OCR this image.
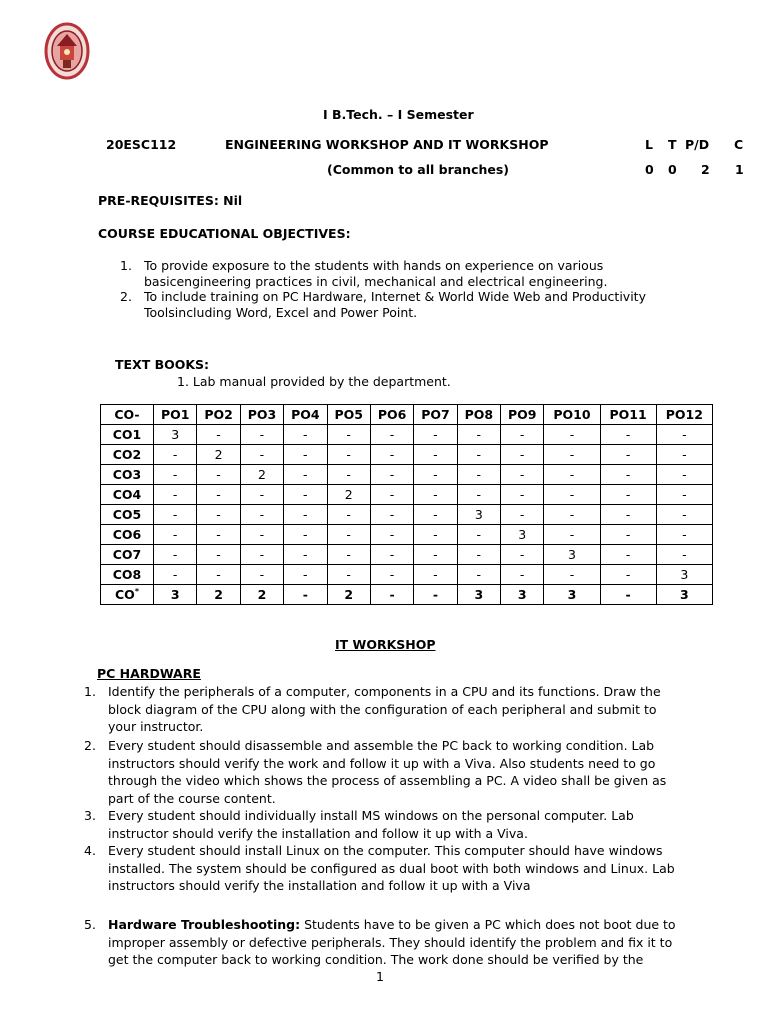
I B.Tech. – I Semester
20ESC112	ENGINEERING WORKSHOP AND IT WORKSHOP
(Common to all branches)
L T P/D C
0 0 2 1
PRE-REQUISITES: Nil
COURSE EDUCATIONAL OBJECTIVES:
1. To provide exposure to the students with hands on experience on various
basicengineering practices in civil, mechanical and electrical engineering.
2. To include training on PC Hardware, Internet & World Wide Web and Productivity
Toolsincluding Word, Excel and Power Point.
TEXT BOOKS:
1. Lab manual provided by the department.
CO-	PO1	PO2	PO3	PO4	PO5	PO6	PO7	PO8	PO9	PO10	PO11	PO12
CO1	3	-	-	-	-	-	-	-	-	-	-	-
CO2	-	2	-	-	-	-	-	-	-	-	-	-
CO3	-	-	2	-	-	-	-	-	-	-	-	-
CO4	-	-	-	-	2	-	-	-	-	-	-	-
CO5	-	-	-	-	-	-	-	3	-	-	-	-
CO6	-	-	-	-	-	-	-	-	3	-	-	-
CO7	-	-	-	-	-	-	-	-	-	3	-	-
CO8	-	-	-	-	-	-	-	-	-	-	-	3
CO*	3	2	2	-	2	-	-	3	3	3	-	3
IT WORKSHOP
PC HARDWARE
1. Identify the peripherals of a computer, components in a CPU and its functions. Draw the
block diagram of the CPU along with the configuration of each peripheral and submit to
your instructor.
2. Every student should disassemble and assemble the PC back to working condition. Lab
instructors should verify the work and follow it up with a Viva. Also students need to go
through the video which shows the process of assembling a PC. A video shall be given as
part of the course content.
3. Every student should individually install MS windows on the personal computer. Lab
instructor should verify the installation and follow it up with a Viva.
4. Every student should install Linux on the computer. This computer should have windows
installed. The system should be configured as dual boot with both windows and Linux. Lab
instructors should verify the installation and follow it up with a Viva
5. Hardware Troubleshooting: Students have to be given a PC which does not boot due to
improper assembly or defective peripherals. They should identify the problem and fix it to
get the computer back to working condition. The work done should be verified by the
1
